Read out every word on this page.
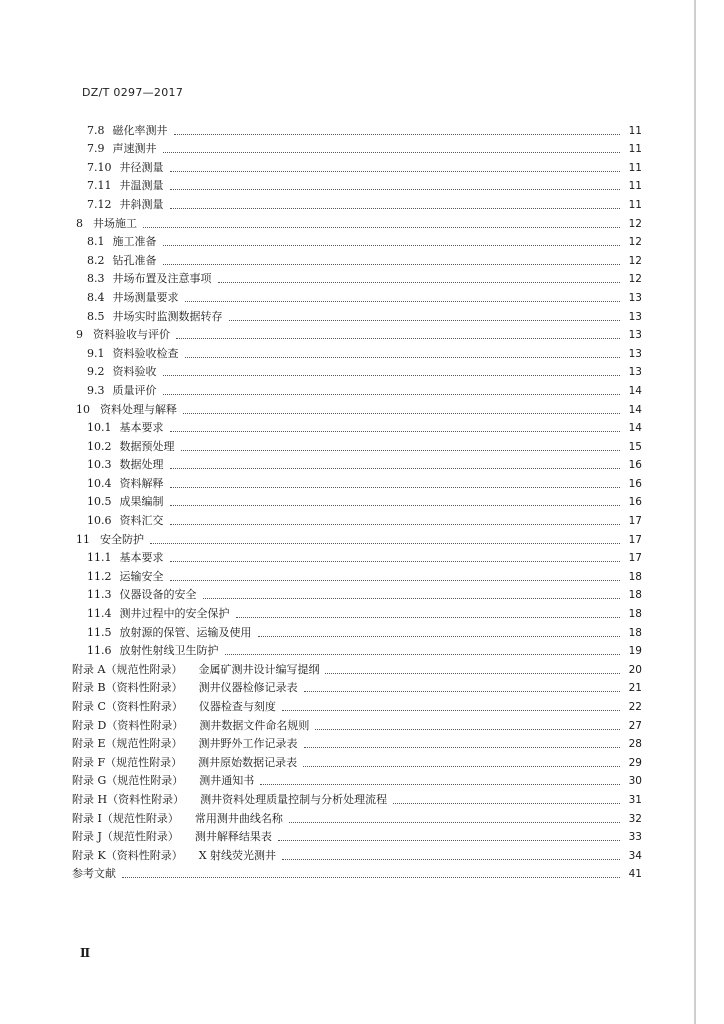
DZ/T 0297—2017
7.8 磁化率测井	11
7.9 声速测井	11
7.10 井径测量	11
7.11 井温测量	11
7.12 井斜测量	11
8 井场施工	12
8.1 施工准备	12
8.2 钻孔准备	12
8.3 井场布置及注意事项	12
8.4 井场测量要求	13
8.5 井场实时监测数据转存	13
9 资料验收与评价	13
9.1 资料验收检查	13
9.2 资料验收	13
9.3 质量评价	14
10 资料处理与解释	14
10.1 基本要求	14
10.2 数据预处理	15
10.3 数据处理	16
10.4 资料解释	16
10.5 成果编制	16
10.6 资料汇交	17
11 安全防护	17
11.1 基本要求	17
11.2 运输安全	18
11.3 仪器设备的安全	18
11.4 测井过程中的安全保护	18
11.5 放射源的保管、运输及使用	18
11.6 放射性射线卫生防护	19
附录 A（规范性附录） 金属矿测井设计编写提纲	20
附录 B（资料性附录） 测井仪器检修记录表	21
附录 C（资料性附录） 仪器检查与刻度	22
附录 D（资料性附录） 测井数据文件命名规则	27
附录 E（规范性附录） 测井野外工作记录表	28
附录 F（规范性附录） 测井原始数据记录表	29
附录 G（规范性附录） 测井通知书	30
附录 H（资料性附录） 测井资料处理质量控制与分析处理流程	31
附录 I（规范性附录） 常用测井曲线名称	32
附录 J（规范性附录） 测井解释结果表	33
附录 K（资料性附录） X 射线荧光测井	34
参考文献	41
Ⅱ
